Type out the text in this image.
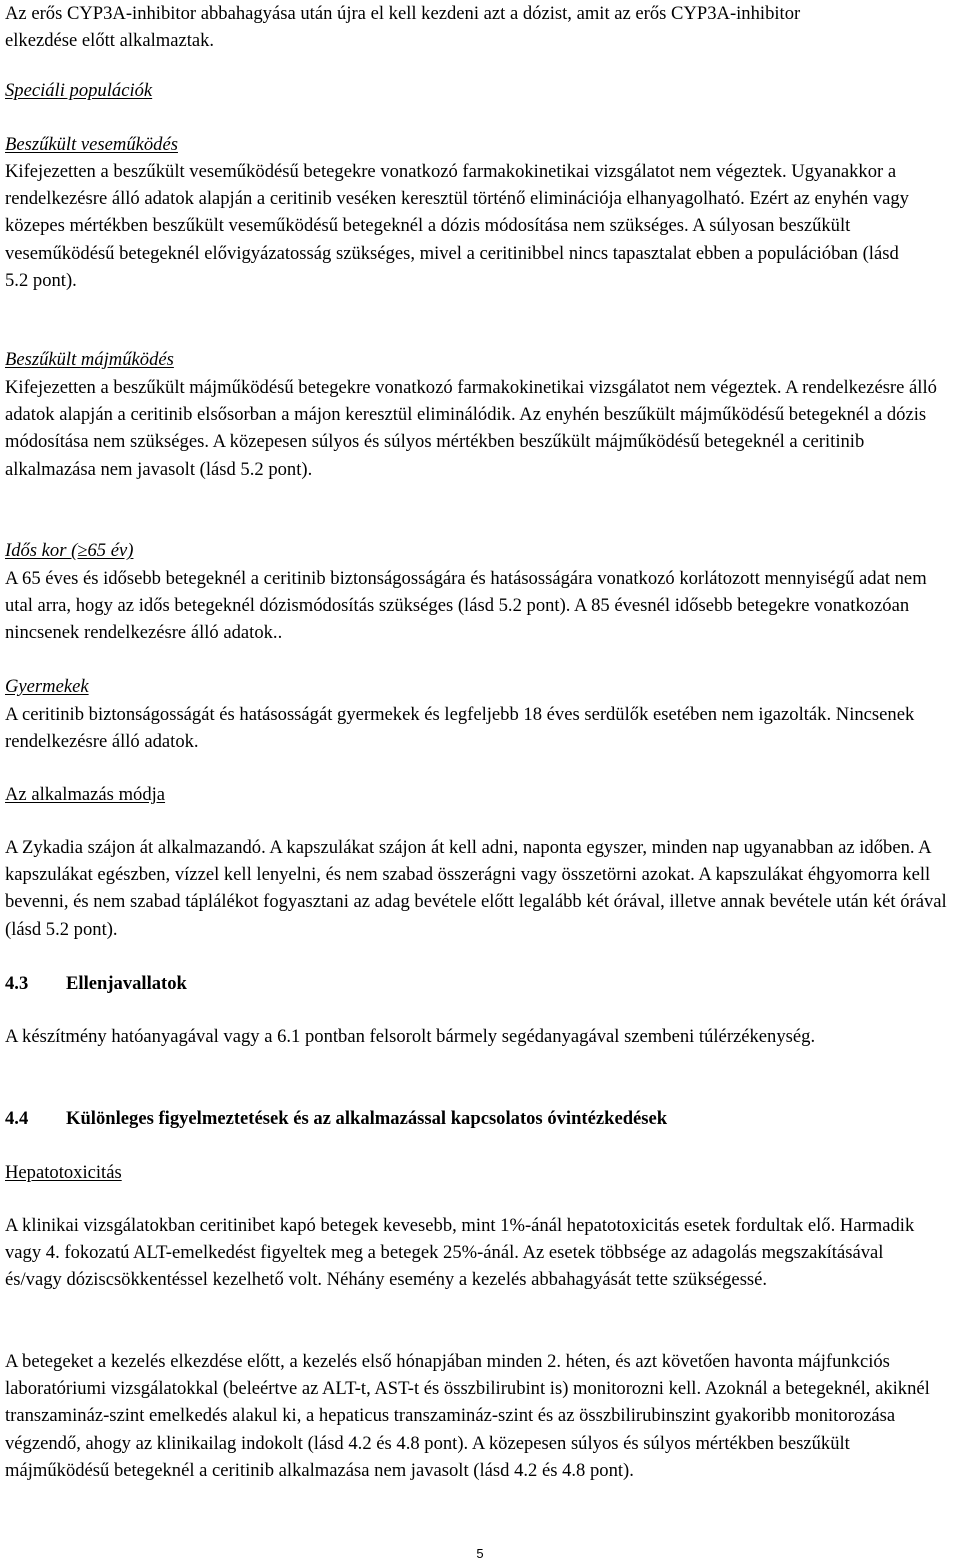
Az erős CYP3A-inhibitor abbahagyása után újra el kell kezdeni azt a dózist, amit az erős CYP3A-inhibitor elkezdése előtt alkalmaztak.

Speciáli populációk

Beszűkült veseműködés

Kifejezetten a beszűkült veseműködésű betegekre vonatkozó farmakokinetikai vizsgálatot nem végeztek. Ugyanakkor a rendelkezésre álló adatok alapján a ceritinib veséken keresztül történő eliminációja elhanyagolható. Ezért az enyhén vagy közepes mértékben beszűkült veseműködésű betegeknél a dózis módosítása nem szükséges. A súlyosan beszűkült veseműködésű betegeknél elővigyázatosság szükséges, mivel a ceritinibbel nincs tapasztalat ebben a populációban (lásd 5.2 pont).

Beszűkült májműködés

Kifejezetten a beszűkült májműködésű betegekre vonatkozó farmakokinetikai vizsgálatot nem végeztek. A rendelkezésre álló adatok alapján a ceritinib elsősorban a májon keresztül eliminálódik. Az enyhén beszűkült májműködésű betegeknél a dózis módosítása nem szükséges. A közepesen súlyos és súlyos mértékben beszűkült májműködésű betegeknél a ceritinib alkalmazása nem javasolt (lásd 5.2 pont).

Idős kor (≥65 év)

A 65 éves és idősebb betegeknél a ceritinib biztonságosságára és hatásosságára vonatkozó korlátozott mennyiségű adat nem utal arra, hogy az idős betegeknél dózismódosítás szükséges (lásd 5.2 pont). A 85 évesnél idősebb betegekre vonatkozóan nincsenek rendelkezésre álló adatok..

Gyermekek

A ceritinib biztonságosságát és hatásosságát gyermekek és legfeljebb 18 éves serdülők esetében nem igazolták. Nincsenek rendelkezésre álló adatok.

Az alkalmazás módja

A Zykadia szájon át alkalmazandó. A kapszulákat szájon át kell adni, naponta egyszer, minden nap ugyanabban az időben. A kapszulákat egészben, vízzel kell lenyelni, és nem szabad összerágni vagy összetörni azokat. A kapszulákat éhgyomorra kell bevenni, és nem szabad táplálékot fogyasztani az adag bevétele előtt legalább két órával, illetve annak bevétele után két órával (lásd 5.2 pont).

4.3 Ellenjavallatok

A készítmény hatóanyagával vagy a 6.1 pontban felsorolt bármely segédanyagával szembeni túlérzékenység.

4.4 Különleges figyelmeztetések és az alkalmazással kapcsolatos óvintézkedések

Hepatotoxicitás

A klinikai vizsgálatokban ceritinibet kapó betegek kevesebb, mint 1%-ánál hepatotoxicitás esetek fordultak elő. Harmadik vagy 4. fokozatú ALT-emelkedést figyeltek meg a betegek 25%-ánál. Az esetek többsége az adagolás megszakításával és/vagy dóziscsökkentéssel kezelhető volt. Néhány esemény a kezelés abbahagyását tette szükségessé.

A betegeket a kezelés elkezdése előtt, a kezelés első hónapjában minden 2. héten, és azt követően havonta májfunkciós laboratóriumi vizsgálatokkal (beleértve az ALT-t, AST-t és összbilirubint is) monitorozni kell. Azoknál a betegeknél, akiknél transzamináz-szint emelkedés alakul ki, a hepaticus transzamináz-szint és az összbilirubinszint gyakoribb monitorozása végzendő, ahogy az klinikailag indokolt (lásd 4.2 és 4.8 pont). A közepesen súlyos és súlyos mértékben beszűkült májműködésű betegeknél a ceritinib alkalmazása nem javasolt (lásd 4.2 és 4.8 pont).

5
